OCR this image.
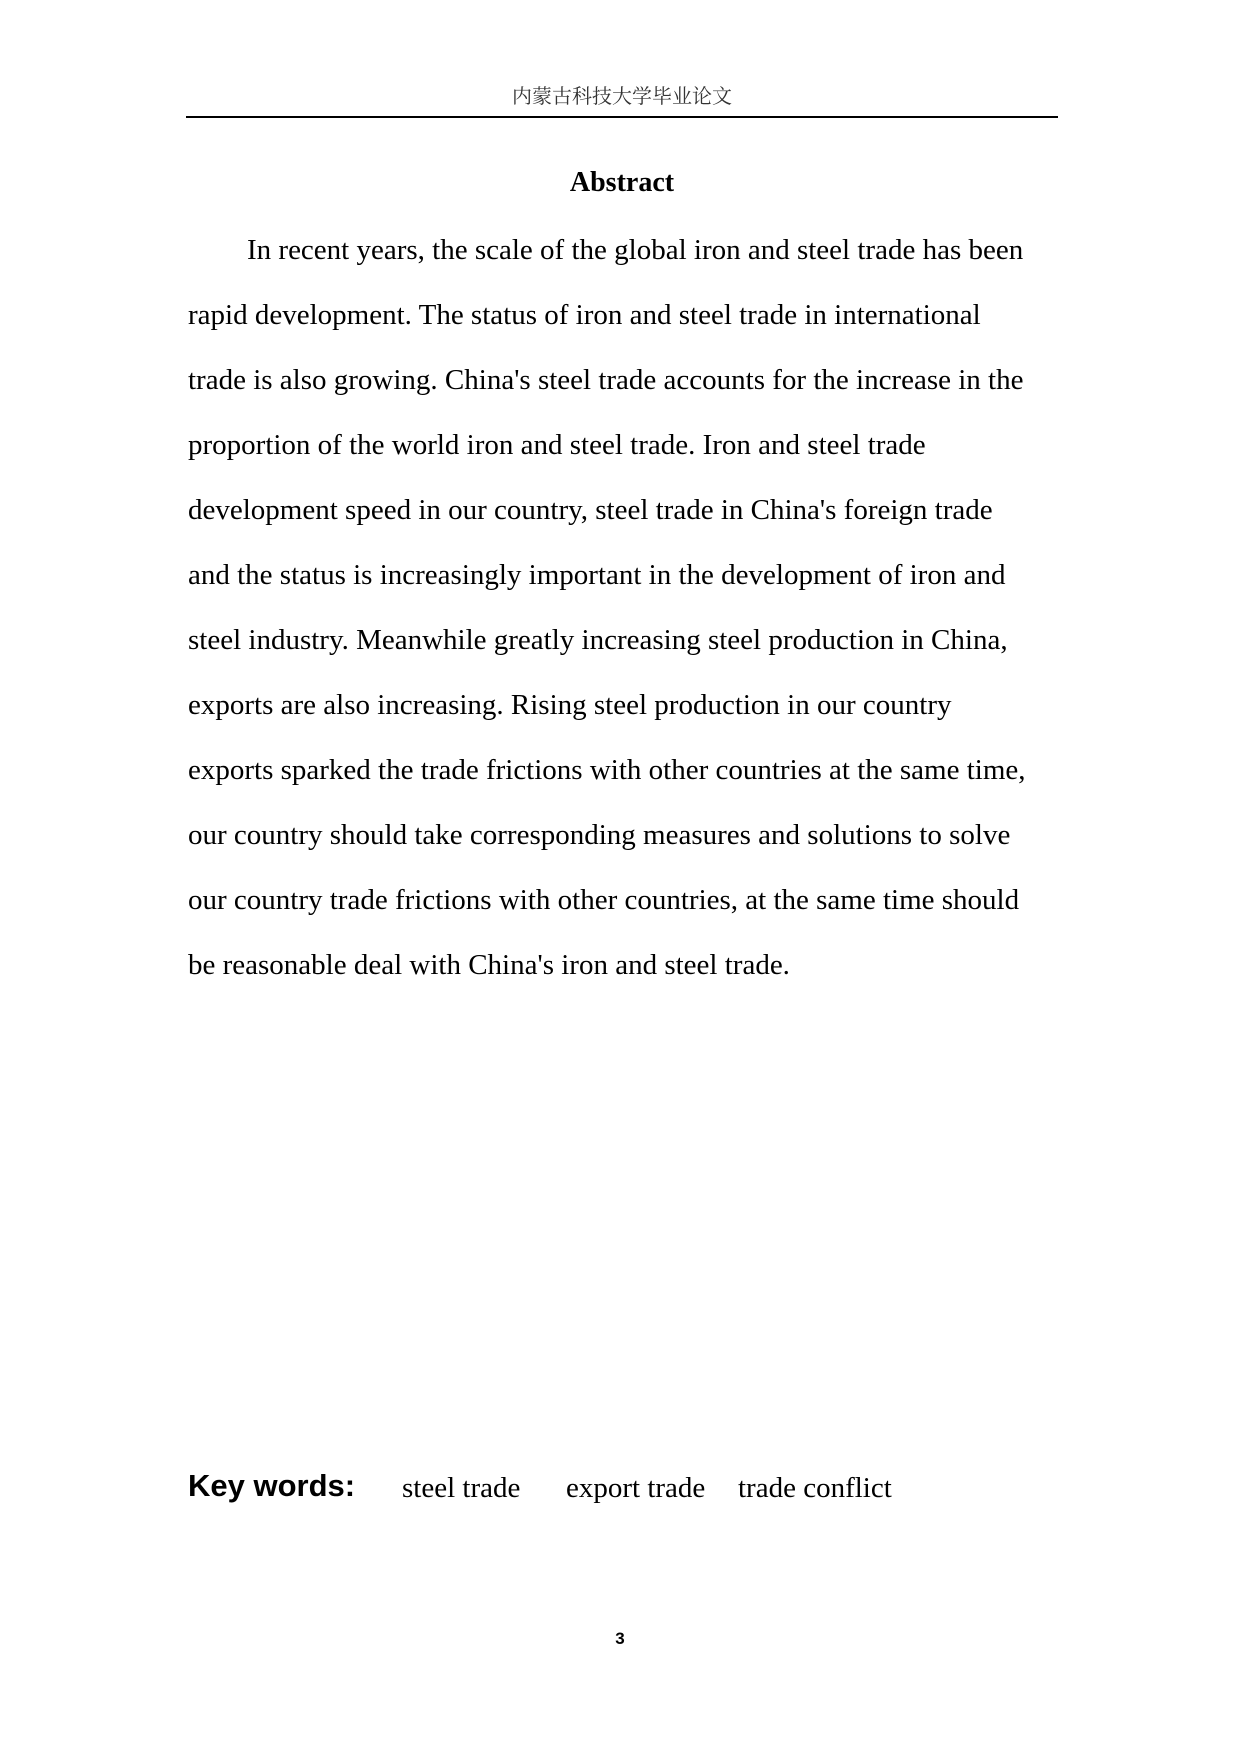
内蒙古科技大学毕业论文
Abstract
In recent years, the scale of the global iron and steel trade has been
rapid development. The status of iron and steel trade in international
trade is also growing. China's steel trade accounts for the increase in the
proportion of the world iron and steel trade. Iron and steel trade
development speed in our country, steel trade in China's foreign trade
and the status is increasingly important in the development of iron and
steel industry. Meanwhile greatly increasing steel production in China,
exports are also increasing. Rising steel production in our country
exports sparked the trade frictions with other countries at the same time,
our country should take corresponding measures and solutions to solve
our country trade frictions with other countries, at the same time should
be reasonable deal with China's iron and steel trade.
Key words: steel trade export trade trade conflict
3
